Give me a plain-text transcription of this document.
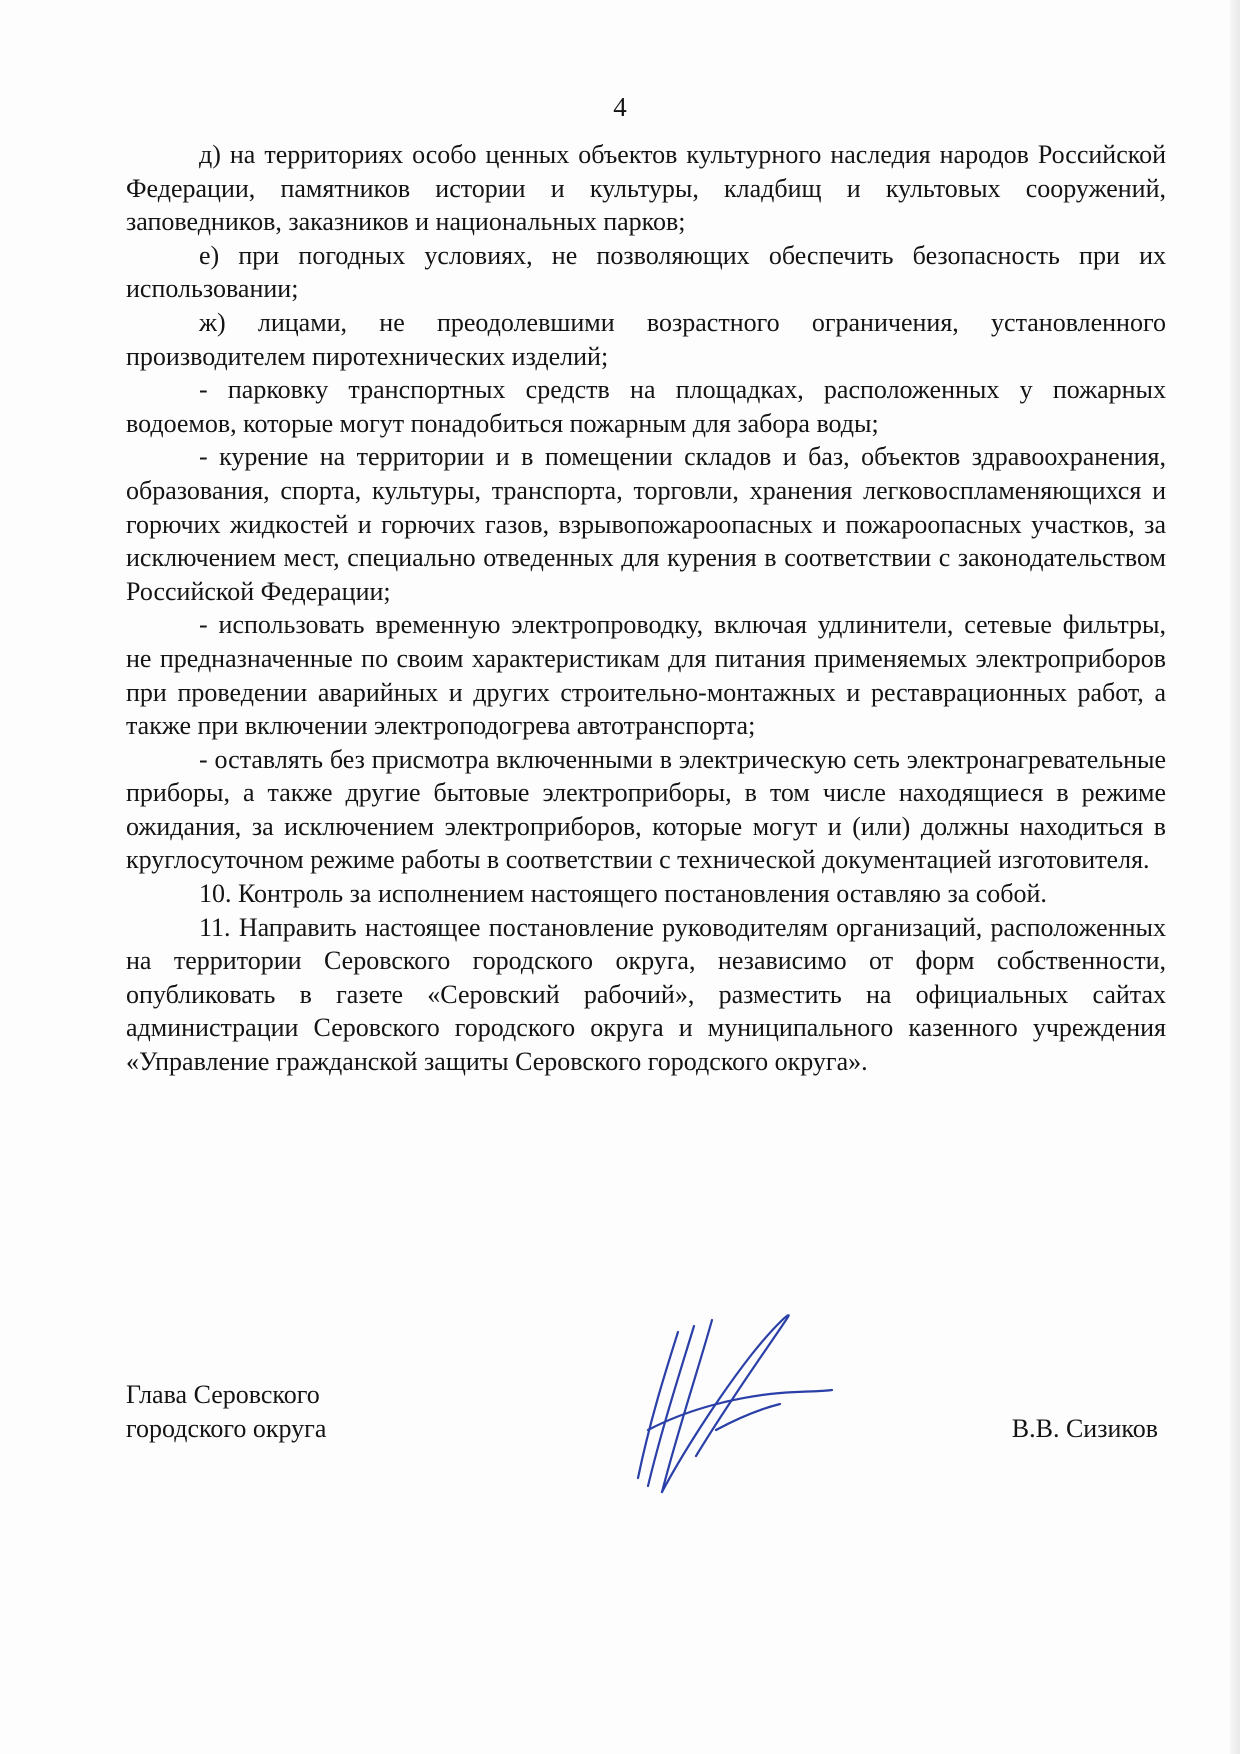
4

д) на территориях особо ценных объектов культурного наследия народов Российской Федерации, памятников истории и культуры, кладбищ и культовых сооружений, заповедников, заказников и национальных парков;

е) при погодных условиях, не позволяющих обеспечить безопасность при их использовании;

ж) лицами, не преодолевшими возрастного ограничения, установленного производителем пиротехнических изделий;

- парковку транспортных средств на площадках, расположенных у пожарных водоемов, которые могут понадобиться пожарным для забора воды;

- курение на территории и в помещении складов и баз, объектов здравоохранения, образования, спорта, культуры, транспорта, торговли, хранения легковоспламеняющихся и горючих жидкостей и горючих газов, взрывопожароопасных и пожароопасных участков, за исключением мест, специально отведенных для курения в соответствии с законодательством Российской Федерации;

- использовать временную электропроводку, включая удлинители, сетевые фильтры, не предназначенные по своим характеристикам для питания применяемых электроприборов при проведении аварийных и других строительно-монтажных и реставрационных работ, а также при включении электроподогрева автотранспорта;

- оставлять без присмотра включенными в электрическую сеть электронагревательные приборы, а также другие бытовые электроприборы, в том числе находящиеся в режиме ожидания, за исключением электроприборов, которые могут и (или) должны находиться в круглосуточном режиме работы в соответствии с технической документацией изготовителя.

10. Контроль за исполнением настоящего постановления оставляю за собой.

11. Направить настоящее постановление руководителям организаций, расположенных на территории Серовского городского округа, независимо от форм собственности, опубликовать в газете «Серовский рабочий», разместить на официальных сайтах администрации Серовского городского округа и муниципального казенного учреждения «Управление гражданской защиты Серовского городского округа».

Глава Серовского
городского округа	В.В. Сизиков
